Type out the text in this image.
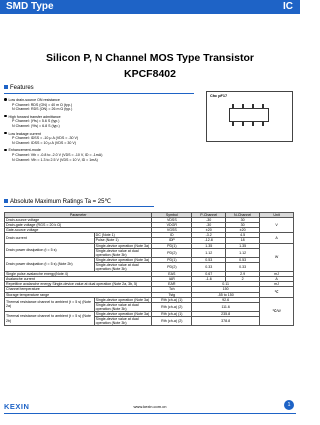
SMD Type	IC
Silicon P, N Channel MOS Type Transistor
KPCF8402
Features
Low drain-source ON resistance
P Channel: RDS (ON) = 40 m Ω (typ.)
N Channel: RDS (ON) = 26 m Ω (typ.)
High forward transfer admittance
P Channel: |Yfs| = 5.6 S (typ.)
N Channel: |Yfs| = 6.8 S (typ.)
Low leakage current
P Channel: IDSS = -10 μ A (VDS = -30 V)
N Channel: IDSS = 10 μ A (VDS = 30 V)
Enhancement-mode
P Channel: Vth = -0.8 to -2.0 V (VDS = -10 V, ID = -1mA)
N Channel: Vth = 1.3 to 2.5 V (VDS = 10 V, ID = 1mA)
Chc pF17
Absolute Maximum Ratings Ta = 25℃
Parameter		Symbol	P-Channel	N-Channel	Unit
Drain-source voltage		VDSS	-30	30	V
Drain-gate voltage (RGS = 20 k Ω)		VDGR	-30	30	
Gate-source voltage		VGSS	±20	±20	
Drain current	DC (Note 1)	ID	-3.2	4.5	A
	Pulse (Note 1)	IDP	-12.8	18	
Drain power dissipation (t = 5 s)	Single-device operation (Note 3a)	PD(1)	1.35	1.35	W
	Single-device value at dual operation (Note 3b)	PD(2)	1.12	1.12	
Drain power dissipation (t = 5 s) (Note 2b)	Single-device operation (Note 3a)	PD(1)	0.53	0.53	
	Single-device value at dual operation (Note 3b)	PD(2)	0.33	0.33	
Single pulse avalanche energy(Note 4)		EAS	0.67	2.9	mJ
Avalanche current		IAR	-1.6	2	A
Repetitive avalanche energy Single-device value at dual operation (Note 2a, 3b, 5)		EAR	0.11		mJ
Channel temperature		Tch	150		℃
Storage temperature range		Tstg	-55 to 150		
Thermal resistance channel to ambient (t = 5 s) (Note 2a)	Single-device operation (Note 3a)	Rth (ch-a) (1)	92.6		℃/W
	Single-device value at dual operation (Note 3b)	Rth (ch-a) (2)	111.6		
Thermal resistance channel to ambient (t = 5 s) (Note 2b)	Single-device operation (Note 3a)	Rth (ch-a) (1)	235.8		
	Single-device value at dual operation (Note 3b)	Rth (ch-a) (2)	378.8		
KEXIN	www.kexin.com.cn	1
